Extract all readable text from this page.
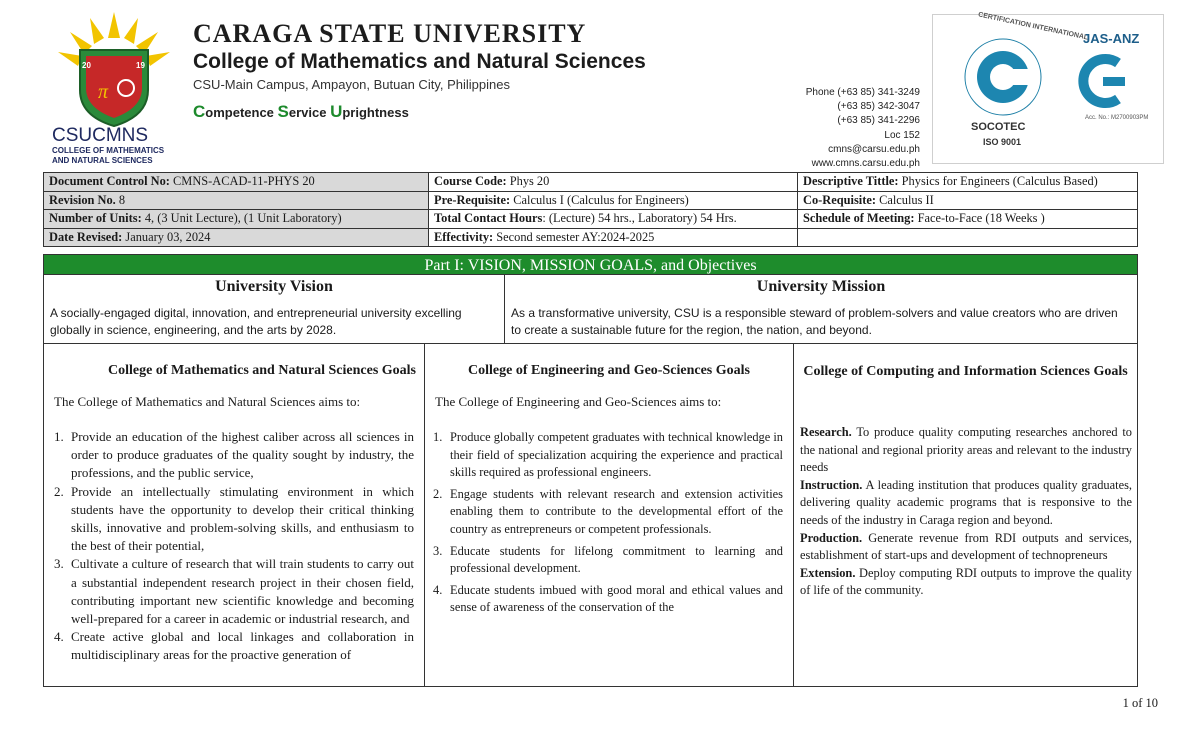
π
20	19
CSUCMNS
COLLEGE OF MATHEMATICS
AND NATURAL SCIENCES
CARAGA STATE UNIVERSITY
College of Mathematics and Natural Sciences
CSU-Main Campus, Ampayon, Butuan City, Philippines
Competence Service Uprightness
Phone (+63 85) 341-3249
(+63 85) 342-3047
(+63 85) 341-2296
Loc 152
cmns@carsu.edu.ph
www.cmns.carsu.edu.ph
CERTIFICATION INTERNATIONAL
SOCOTEC
ISO 9001
JAS-ANZ
Acc. No.: M2700903PM
Document Control No: CMNS-ACAD-11-PHYS 20	Course Code: Phys 20	Descriptive Tittle: Physics for Engineers (Calculus Based)
Revision No. 8	Pre-Requisite: Calculus I (Calculus for Engineers)	Co-Requisite: Calculus II
Number of Units: 4, (3 Unit Lecture), (1 Unit Laboratory)	Total Contact Hours: (Lecture) 54 hrs., Laboratory) 54 Hrs.	Schedule of Meeting: Face-to-Face (18 Weeks )
Date Revised: January 03, 2024	Effectivity: Second semester AY:2024-2025	
Part I: VISION, MISSION GOALS, and Objectives
University Vision

A socially-engaged digital, innovation, and entrepreneurial university excelling globally in science, engineering, and the arts by 2028.

University Mission

As a transformative university, CSU is a responsible steward of problem-solvers and value creators who are driven to create a sustainable future for the region, the nation, and beyond.

College of Mathematics and Natural Sciences Goals
The College of Mathematics and Natural Sciences aims to:
1. Provide an education of the highest caliber across all sciences in order to produce graduates of the quality sought by industry, the professions, and the public service,
2. Provide an intellectually stimulating environment in which students have the opportunity to develop their critical thinking skills, innovative and problem-solving skills, and enthusiasm to the best of their potential,
3. Cultivate a culture of research that will train students to carry out a substantial independent research project in their chosen field, contributing important new scientific knowledge and becoming well-prepared for a career in academic or industrial research, and
4. Create active global and local linkages and collaboration in multidisciplinary areas for the proactive generation of
College of Engineering and Geo-Sciences Goals
The College of Engineering and Geo-Sciences aims to:
1. Produce globally competent graduates with technical knowledge in their field of specialization acquiring the experience and practical skills required as professional engineers.
2. Engage students with relevant research and extension activities enabling them to contribute to the developmental effort of the country as entrepreneurs or competent professionals.
3. Educate students for lifelong commitment to learning and professional development.
4. Educate students imbued with good moral and ethical values and sense of awareness of the conservation of the
College of Computing and Information Sciences Goals
Research. To produce quality computing researches anchored to the national and regional priority areas and relevant to the industry needs
Instruction. A leading institution that produces quality graduates, delivering quality academic programs that is responsive to the needs of the industry in Caraga region and beyond.
Production. Generate revenue from RDI outputs and services, establishment of start-ups and development of technopreneurs
Extension. Deploy computing RDI outputs to improve the quality of life of the community.
1 of 10
